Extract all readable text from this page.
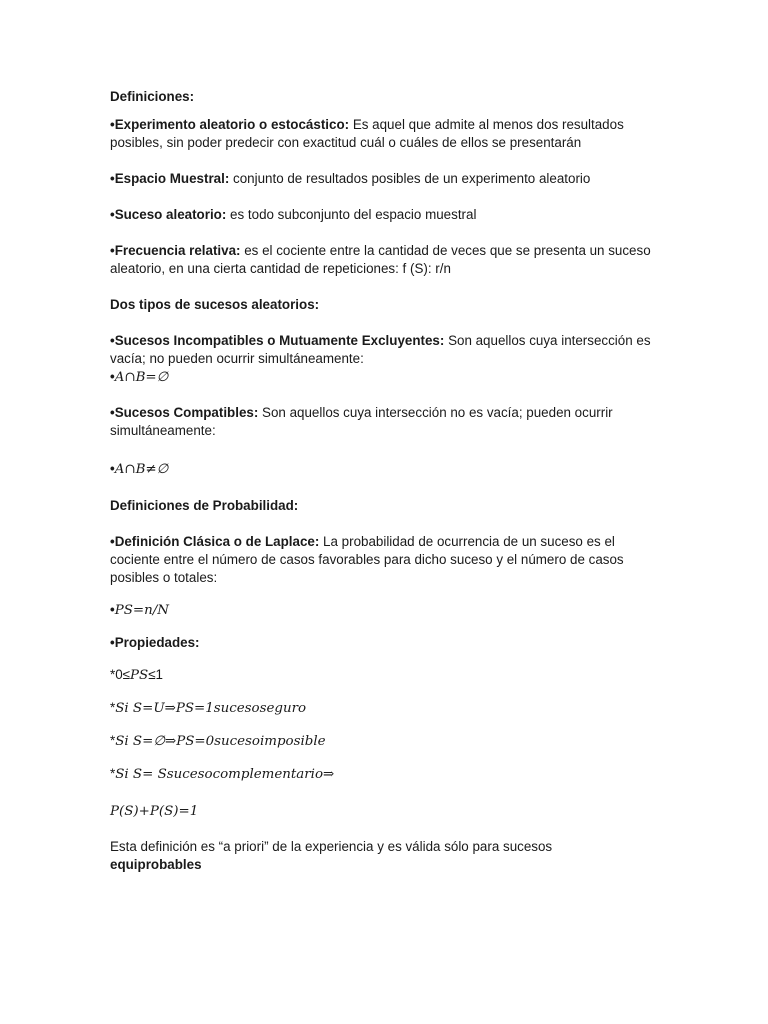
Definiciones:

•Experimento aleatorio o estocástico: Es aquel que admite al menos dos resultados posibles, sin poder predecir con exactitud cuál o cuáles de ellos se presentarán

•Espacio Muestral: conjunto de resultados posibles de un experimento aleatorio

•Suceso aleatorio: es todo subconjunto del espacio muestral

•Frecuencia relativa: es el cociente entre la cantidad de veces que se presenta un suceso aleatorio, en una cierta cantidad de repeticiones: f (S): r/n

Dos tipos de sucesos aleatorios:

•Sucesos Incompatibles o Mutuamente Excluyentes: Son aquellos cuya intersección es vacía; no pueden ocurrir simultáneamente:

•A∩B=∅

•Sucesos Compatibles: Son aquellos cuya intersección no es vacía; pueden ocurrir simultáneamente:

•A∩B≠∅

Definiciones de Probabilidad:

•Definición Clásica o de Laplace: La probabilidad de ocurrencia de un suceso es el cociente entre el número de casos favorables para dicho suceso y el número de casos posibles o totales:

•PS=n/N

•Propiedades:

*0≤PS≤1

*Si S=U⇒PS=1sucesoseguro

*Si S=∅⇒PS=0sucesoimposible

*Si S= Ssucesocomplementario⇒

P(S)+P(S)=1

Esta definición es “a priori” de la experiencia y es válida sólo para sucesos
equiprobables
